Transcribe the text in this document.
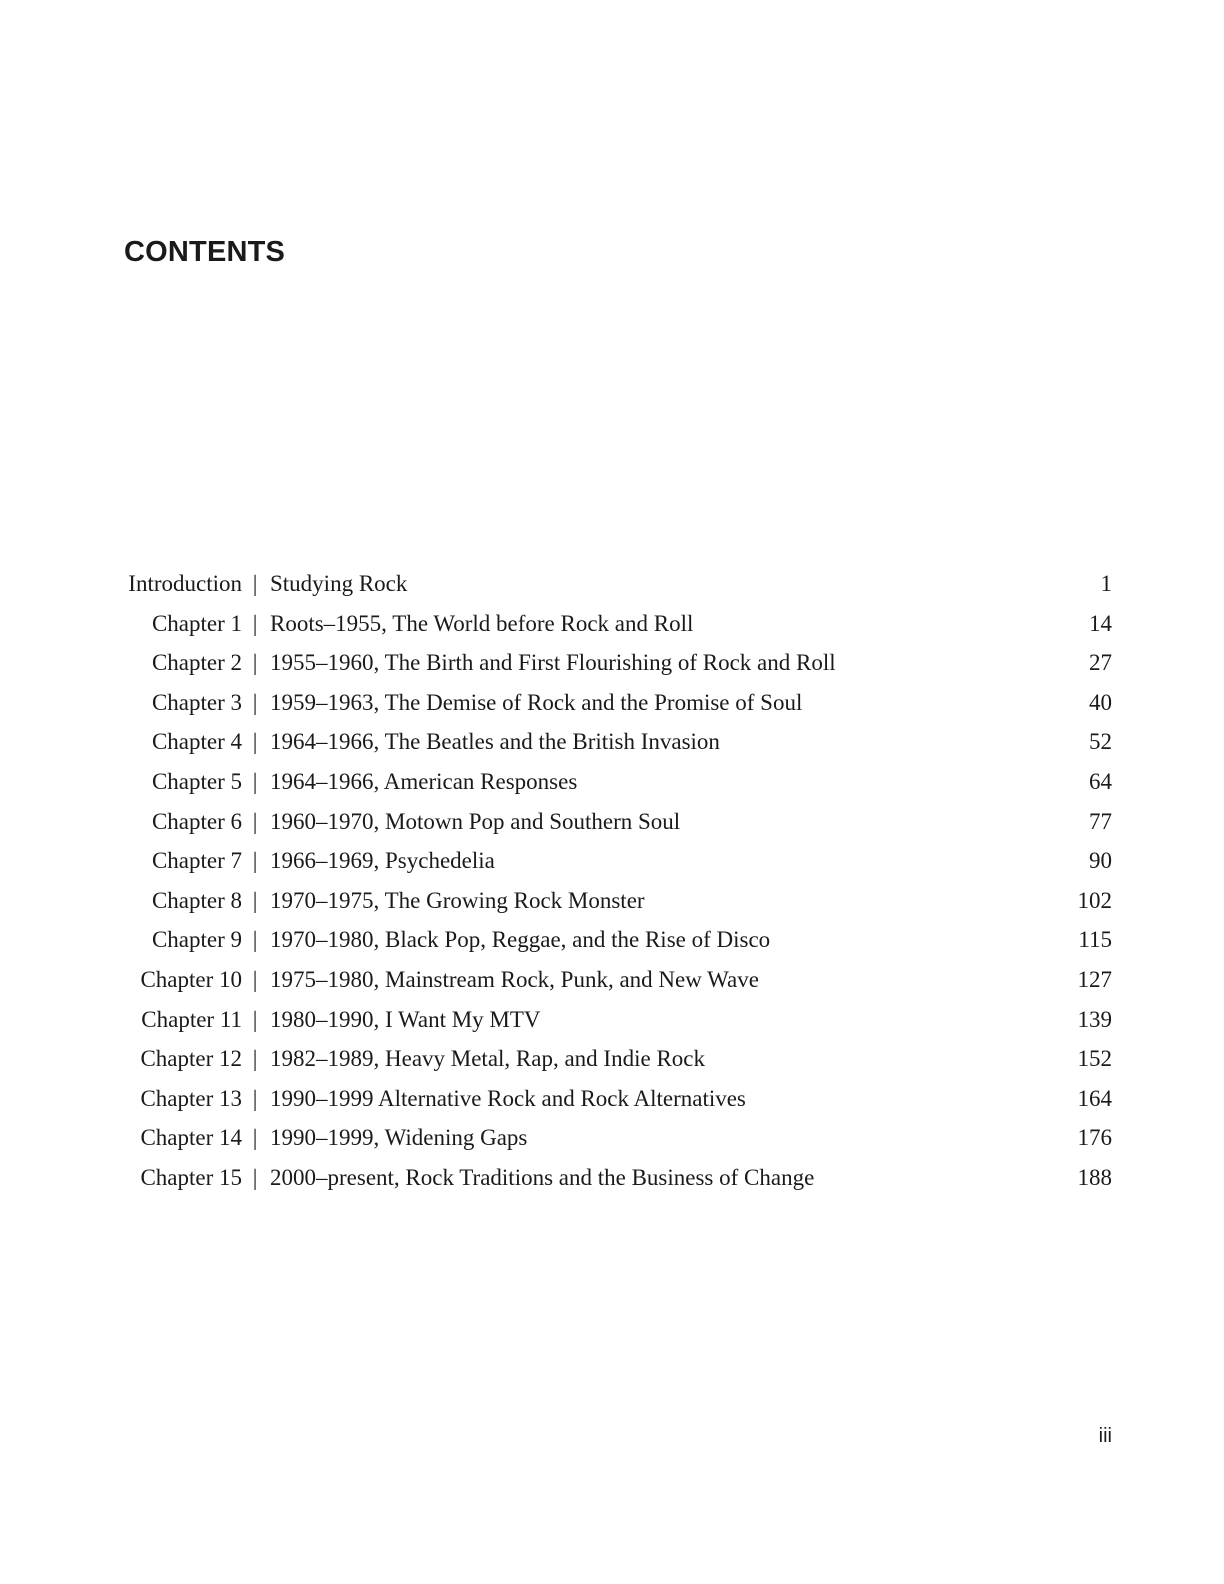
CONTENTS
Introduction | Studying Rock	1
Chapter 1 | Roots–1955, The World before Rock and Roll	14
Chapter 2 | 1955–1960, The Birth and First Flourishing of Rock and Roll	27
Chapter 3 | 1959–1963, The Demise of Rock and the Promise of Soul	40
Chapter 4 | 1964–1966, The Beatles and the British Invasion	52
Chapter 5 | 1964–1966, American Responses	64
Chapter 6 | 1960–1970, Motown Pop and Southern Soul	77
Chapter 7 | 1966–1969, Psychedelia	90
Chapter 8 | 1970–1975, The Growing Rock Monster	102
Chapter 9 | 1970–1980, Black Pop, Reggae, and the Rise of Disco	115
Chapter 10 | 1975–1980, Mainstream Rock, Punk, and New Wave	127
Chapter 11 | 1980–1990, I Want My MTV	139
Chapter 12 | 1982–1989, Heavy Metal, Rap, and Indie Rock	152
Chapter 13 | 1990–1999 Alternative Rock and Rock Alternatives	164
Chapter 14 | 1990–1999, Widening Gaps	176
Chapter 15 | 2000–present, Rock Traditions and the Business of Change	188
iii
